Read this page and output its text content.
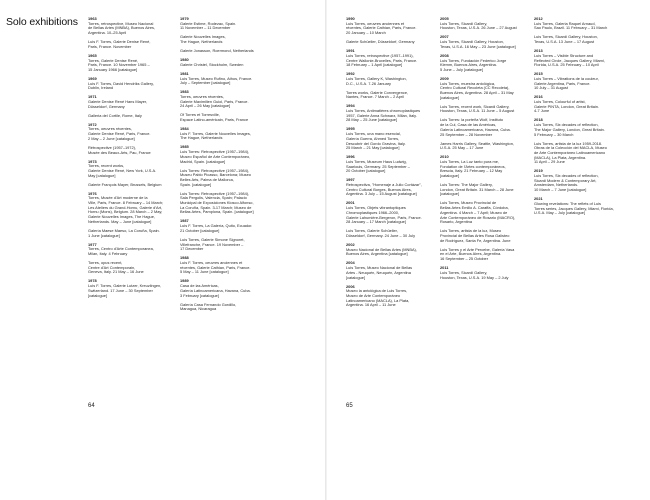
Solo exhibitions	1963
Torres, retrospective, Museo Nacional
de Bellas Artes (MNBA), Buenos Aires,
Argentina. 10–25 April
Luis F. Torres, Galerie Denise René,
Paris, France. November
1965
Torres, Galerie Denise René,
Paris, France. 10 November 1965 –
15 January 1966 [catalogue]
1969
Luis F. Torres, David Hendriks Gallery,
Dublin, Ireland
1971
Galerie Denise René Hans Mayer,
Düsseldorf, Germany
Galleria del Cortile, Rome, Italy
1972
Torres, oeuvres récentes,
Galerie Denise René, Paris, France.
2 May – 2 June [catalogue]
Rétrospective (1957–1972),
Musée des Beaux-Arts, Pau, France
1973
Torres, recent works,
Galerie Denise René, New York, U.S.A.
May [catalogue]
Galerie François Mayer, Brussels, Belgium
1976
Torres, Musée d'Art moderne de la
Ville, Paris, France. 8 February – 14 March;
Les Ateliers du Grand-Hornu, Galerie d'Art,
Hornu (Mons), Belgium. 28 March – 2 May;
Galerie Nouvelles Images, The Hague,
Netherlands. May – June [catalogue]
Galería Maese Maeso, La Coruña, Spain.
1 June [catalogue]
1977
Torres, Centro d'Arte Contemporanea,
Milan, Italy. 4 February
Torres, opus recent,
Centre d'Art Contemporain,
Geneva, Italy. 21 May – 16 June
1978
Luis F. Torres, Galerie Lutzer, Kreuzlingen,
Switzerland. 17 June – 30 September
[catalogue]
1979
Galerie Estime, Rodezac, Spain.
11 November – 11 December
Galerie Nouvelles Images,
The Hague, Netherlands
Galerie Jonasson, Roermond, Netherlands
1980
Galerie Christel, Stockholm, Sweden
1981
Luis Torres, Museo Rufino, Athos, France.
July – September [catalogue]
1983
Torres, oeuvres récentes,
Galerie Maximilien Guiol, Paris, France.
24 April – 26 May [catalogue]
Of Torres et Torresville,
Espace Latino-américain, Paris, France
1984
Luis F. Torres, Galerie Nouvelles Images,
The Hague, Netherlands
1985
Luis Torres: Retrospective (1957–1984),
Museo Español de Arte Contemporáneo,
Madrid, Spain. [catalogue]
Luis Torres: Retrospective (1957–1984),
Museu Pablo Picasso, Barcelona; Museo
Belles Arts, Palma de Mallorca,
Spain. [catalogue]
Luis Torres: Retrospective (1957–1984),
Sala Pergolis, Valencia, Spain; Palacio
Municipal de Exposiciones Kiosco Alfonso,
La Coruña, Spain. 3-17 March; Museo de
Bellas Artes, Pamplona, Spain. [catalogue]
1987
Luis F. Torres, La Galería, Quito, Ecuador.
21 October [catalogue]
Luis Torres, Galerie Simone Signoret,
Villefranche, France. 19 November –
17 December
1988
Luis F. Torres, oeuvres anciennes et
récentes, Galerie Cathian, Paris, France.
5 May – 11 June [catalogue]
1989
Casa de las Américas,
Galería Latinoamericana, Havana, Cuba.
3 February [catalogue]
Galería Casa Fernando Gordillo,
Managua, Nicaragua
1990
Luis Torres, oeuvres anciennes et
récentes, Galerie Cathian, Paris, France.
20 January – 10 March
Galerie Schüeller, Düsseldorf, Germany
1991
Luis Torres, retrospective (1957–1991),
Centre Wallonie-Bruxelles, Paris, France.
18 February – 1 April [catalogue]
1992
Luis Torres, Gallery K, Washington,
D.C., U.S.A. 7-26 January
Torres works, Galerie Convergence,
Nantes, France. 7 March – 2 April
1994
Luis Torres, Antimatières chromoplastiques
1957, Galerie Anna Schwarz, Milan, Italy.
28 May – 25 June [catalogue]
1995
Luis Torres, una mano esencial,
Galería Guerra, Ahmed Torres,
Descubrir del Gordo Gravina, Italy.
25 March – 21 May [catalogue]
1996
Luis Torres, Museum Haus Ludwig,
Saarlouis, Germany. 25 September –
20 October [catalogue]
1997
Retrospectiva, "Homenaje a Julio Cortázar",
Centro Cultural Borges, Buenos Aires,
Argentina. 3 July – 15 August [catalogue]
2001
Luis Torres, Objets vibrantoptiques
Chromoplastiques 1966–2000,
Galerie Lahumière-Bergeron, Paris, France.
28 January – 17 March [catalogue]
Luis Torres, Galerie Schüeller,
Düsseldorf, Germany. 24 June – 30 July
2002
Museo Nacional de Bellas Artes (MNBA),
Buenos Aires, Argentina [catalogue]
2004
Luis Torres, Museo Nacional de Bellas
Artes - Neuquén, Neuquén, Argentina
[catalogue]
2006
Museo la antológica de Luis Torres,
Museo de Arte Contemporáneo
Latinoamericano (MACLA), La Plata,
Argentina. 16 April – 11 June
2005
Luis Torres, Sicardi Gallery,
Houston, Texas, U.S.A. 26 June – 27 August
2007
Luis Torres, Sicardi Gallery, Houston,
Texas, U.S.A. 16 May – 23 June [catalogue]
2008
Luis Torres, Fundación Federico Jorge
Klemm, Buenos Aires, Argentina.
5 June – July [catalogue]
2009
Luis Torres, muestra antológica,
Centro Cultural Recoleta (CC Recoleta),
Buenos Aires, Argentina. 28 April – 31 May
[catalogue]
Luis Torres, recent work, Sicardi Gallery,
Houston, Texas, U.S.A. 11 June – 5 August
Luis Torres: la porteña Wolf, Instituto
de la Cul, Casa de las Américas,
Galería Latinoamericana, Havana, Cuba.
25 September – 28 November
James Harris Gallery, Seattle, Washington,
U.S.A. 25 May – 17 June
2010
Luis Torres, La Luz tanto pura me,
Fondation de l'Artes contemporáneos,
Brescia, Italy. 21 February – 12 May
[catalogue]
Luis Torres: The Major Gallery,
London, Great Britain. 31 March – 28 June
[catalogue]
Luis Torres, Museo Provincial de
Bellas Artes Emilio A. Caraffa, Córdoba,
Argentina. 4 March – 7 April; Museo de
Arte Contemporáneo de Rosario (MACRO),
Rosario, Argentina
Luis Torres, artista de la luz, Museo
Provincial de Bellas Artes Rosa Galisteo
de Rodríguez, Santa Fe, Argentina. June
Luis Torres y el Arte Percebe, Galería Vasa
en el Arte, Buenos Aires, Argentina.
16 September – 25 October
2011
Luis Torres, Sicardi Gallery,
Houston, Texas, U.S.A. 19 May – 2 July
2012
Luis Torres, Galeria Raquel Arnaud,
Sao Paulo, Brazil. 11 February – 31 March
Luis Torres, Sicardi Gallery, Houston,
Texas, U.S.A. 13 June – 17 August
2013
Luis Torres – Visible Structure and
Reflected Circle, Jacques Gallery, Miami,
Florida, U.S.A. 25 February – 10 April
2015
Luis Torres – Vibrations de la couleur,
Galerie Argentina, Paris, France.
10 July – 31 August
2016
Luis Torres, Colourful of artist,
Galerie PINTA, London, Great Britain.
4-7 June
2018
Luis Torres, Six decades of reflection,
The Major Gallery, London, Great Britain.
5 February – 30 March
Luis Torres, artista de la luz 1959-2018.
Obras de la Colección del MACLA, Museo
de Arte Contemporáneo Latinoamericano
(MACLA), La Plata, Argentina.
11 April – 29 June
2019
Luis Torres, Six decades of reflection,
Sicardi Modern & Contemporary Art,
Amsterdam, Netherlands.
10 March – 7 June [catalogue]
2021
Glowing revelations: The reflets of Luis
Torres series, Jacques Gallery, Miami, Florida,
U.S.A. May – July [catalogue]
64	65
